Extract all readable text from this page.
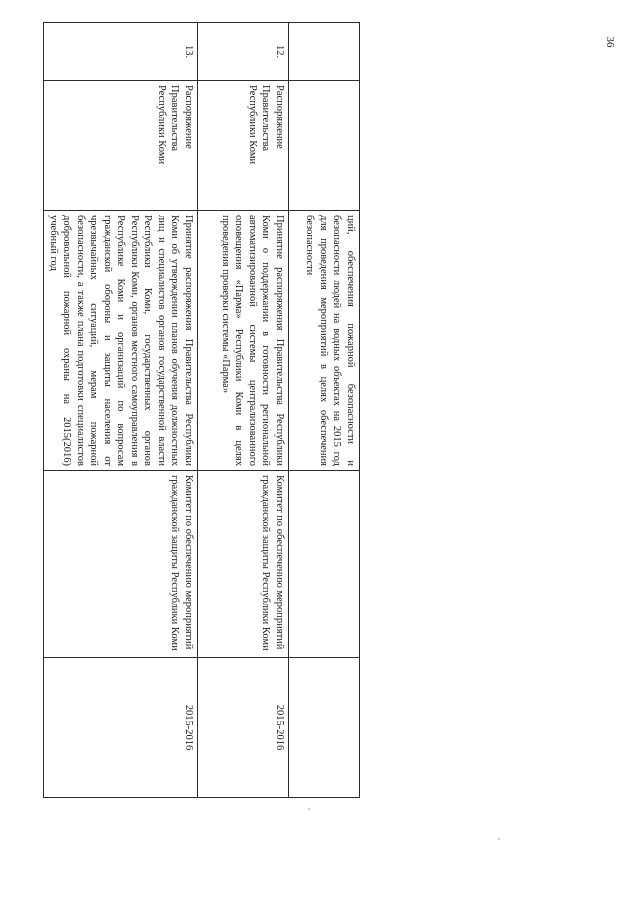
36
		ций, обеспечения пожарной безопасности и безопасности людей на водных объектах на 2015 год для проведения мероприятий в целях обеспечения безопасности		
12.	Распоряжение Правительства Республики Коми	Принятие распоряжения Правительства Республики Коми о поддержании в готовности региональной автоматизированной системы централизованного оповещения «Парма» Республики Коми в целях проведения проверки системы «Парма»	Комитет по обеспечению мероприятий гражданской защиты Республики Коми	2015-2016
13.	Распоряжение Правительства Республики Коми	Принятие распоряжения Правительства Республики Коми об утверждении планов обучения должностных лиц и специалистов органов государственной власти Республики Коми, государственных органов Республики Коми, органов местного самоуправления в Республике Коми и организаций по вопросам гражданской обороны и защиты населения от чрезвычайных ситуаций, мерам пожарной безопасности, а также плана подготовки специалистов добровольной пожарной охраны на 2015(2016) учебный год	Комитет по обеспечению мероприятий гражданской защиты Республики Коми	2015-2016
